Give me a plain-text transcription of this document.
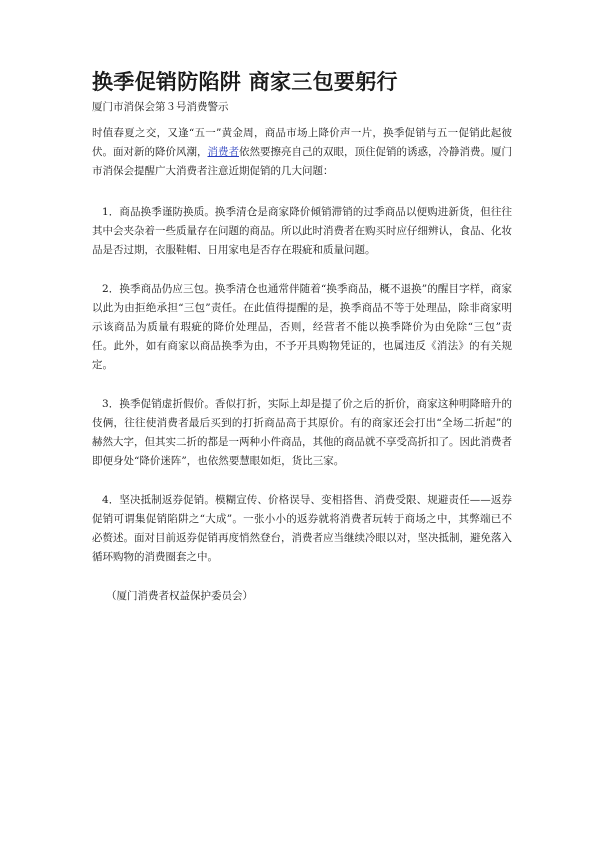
换季促销防陷阱 商家三包要躬行

厦门市消保会第３号消费警示

时值春夏之交，又逢“五一”黄金周，商品市场上降价声一片，换季促销与五一促销此起彼伏。面对新的降价风潮，消费者依然要擦亮自己的双眼，顶住促销的诱惑，冷静消费。厦门市消保会提醒广大消费者注意近期促销的几大问题：

1．商品换季谨防换质。换季清仓是商家降价倾销滞销的过季商品以便购进新货，但往往其中会夹杂着一些质量存在问题的商品。所以此时消费者在购买时应仔细辨认，食品、化妆品是否过期，衣服鞋帽、日用家电是否存在瑕疵和质量问题。

2．换季商品仍应三包。换季清仓也通常伴随着“换季商品，概不退换”的醒目字样，商家以此为由拒绝承担“三包”责任。在此值得提醒的是，换季商品不等于处理品，除非商家明示该商品为质量有瑕疵的降价处理品，否则，经营者不能以换季降价为由免除“三包”责任。此外，如有商家以商品换季为由，不予开具购物凭证的，也属违反《消法》的有关规定。

3．换季促销虚折假价。香似打折，实际上却是提了价之后的折价，商家这种明降暗升的伎俩，往往使消费者最后买到的打折商品高于其原价。有的商家还会打出“全场二折起”的赫然大字，但其实二折的都是一两种小件商品，其他的商品就不享受高折扣了。因此消费者即便身处“降价迷阵”，也依然要慧眼如炬，货比三家。

4．坚决抵制返券促销。模糊宣传、价格误导、变相搭售、消费受限、规避责任——返券促销可谓集促销陷阱之“大成”。一张小小的返券就将消费者玩转于商场之中，其弊端已不必赘述。面对目前返券促销再度悄然登台，消费者应当继续冷眼以对，坚决抵制，避免落入循环购物的消费圈套之中。

（厦门消费者权益保护委员会）
